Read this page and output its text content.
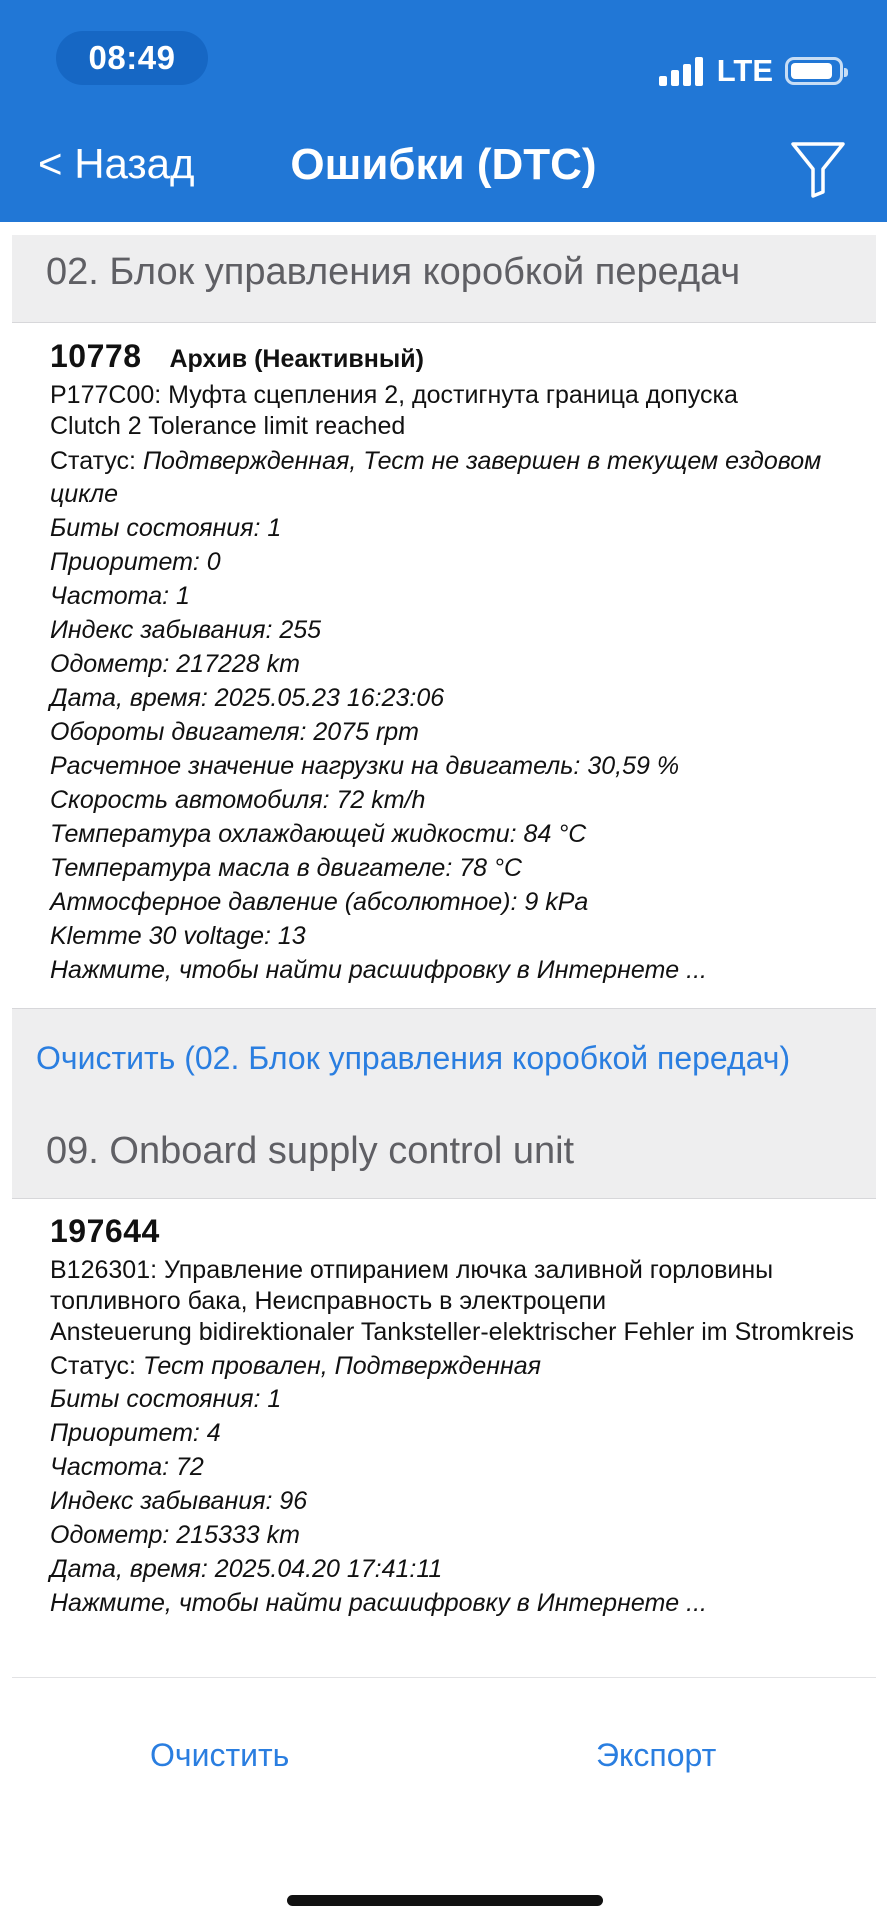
08:49	LTE
< Назад	Ошибки (DTC)
02. Блок управления коробкой передач
10778 Архив (Неактивный)
P177C00: Муфта сцепления 2, достигнута граница допуска
Clutch 2 Tolerance limit reached
Статус: Подтвержденная, Тест не завершен в текущем ездовом цикле
Биты состояния: 1
Приоритет: 0
Частота: 1
Индекс забывания: 255
Одометр: 217228 km
Дата, время: 2025.05.23 16:23:06
Обороты двигателя: 2075 rpm
Расчетное значение нагрузки на двигатель: 30,59 %
Скорость автомобиля: 72 km/h
Температура охлаждающей жидкости: 84 °C
Температура масла в двигателе: 78 °C
Атмосферное давление (абсолютное): 9 kPa
Klemme 30 voltage: 13
Нажмите, чтобы найти расшифровку в Интернете ...
Очистить (02. Блок управления коробкой передач)
09. Onboard supply control unit
197644
B126301: Управление отпиранием лючка заливной горловины топливного бака, Неисправность в электроцепи
Ansteuerung bidirektionaler Tanksteller-elektrischer Fehler im Stromkreis
Статус: Тест провален, Подтвержденная
Биты состояния: 1
Приоритет: 4
Частота: 72
Индекс забывания: 96
Одометр: 215333 km
Дата, время: 2025.04.20 17:41:11
Нажмите, чтобы найти расшифровку в Интернете ...
Очистить	Экспорт
